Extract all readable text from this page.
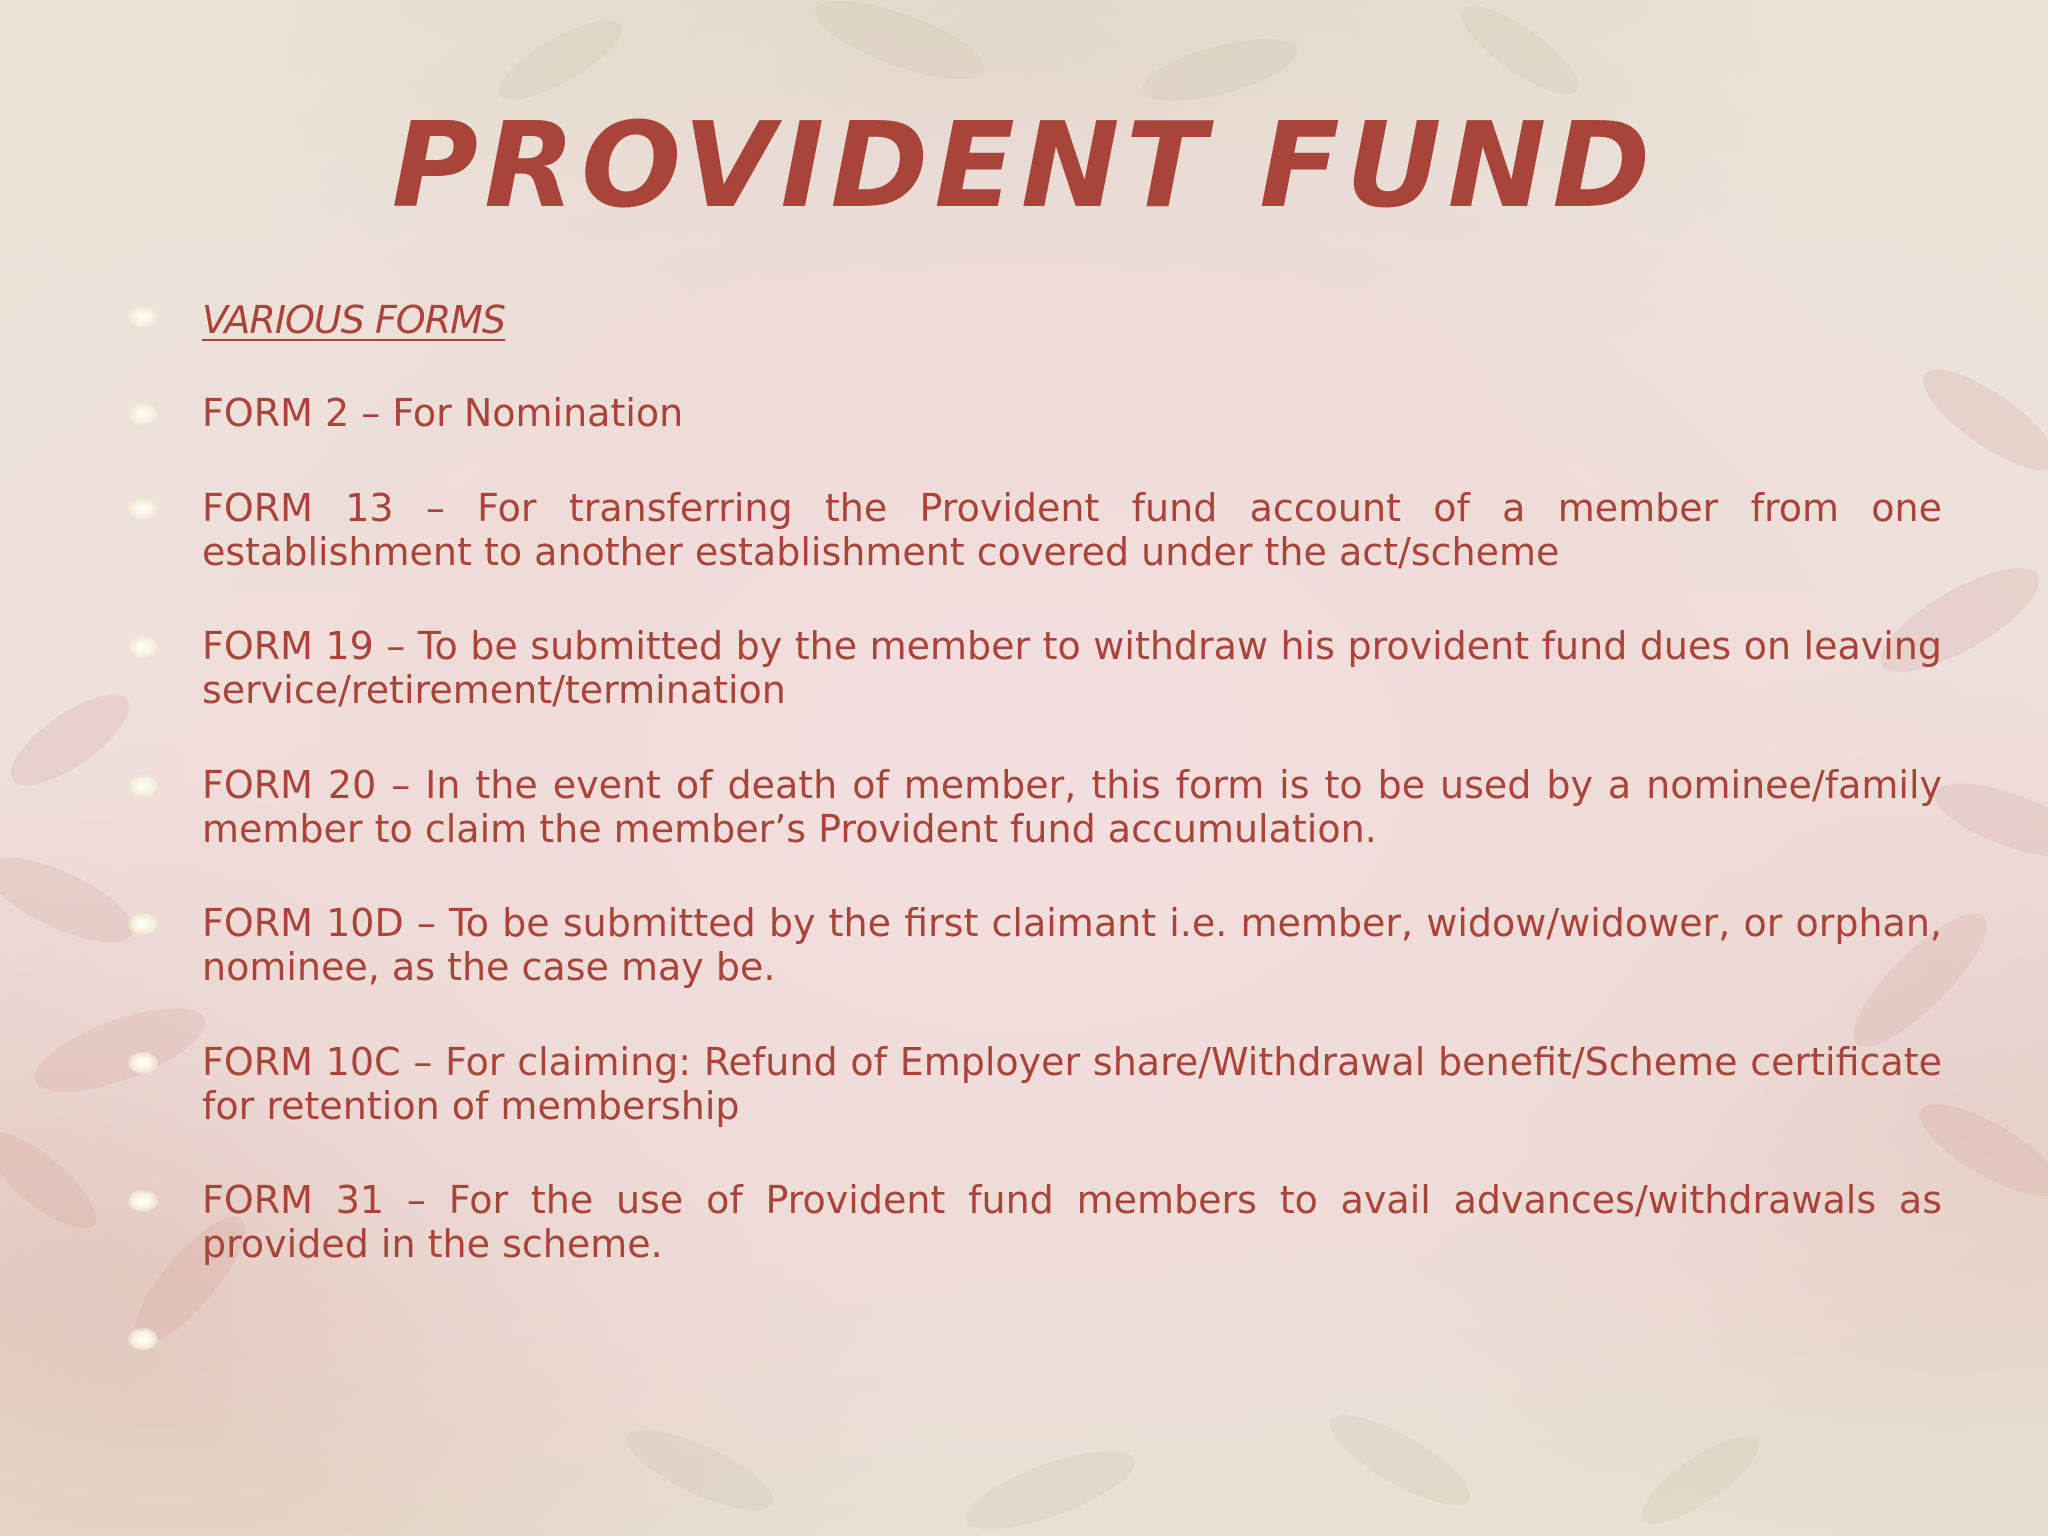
PROVIDENT FUND
VARIOUS FORMS
FORM 2 – For Nomination
FORM 13 – For transferring the Provident fund account of a member from one establishment to another establishment covered under the act/scheme
FORM 19 – To be submitted by the member to withdraw his provident fund dues on leaving service/retirement/termination
FORM 20 – In the event of death of member, this form is to be used by a nominee/family member to claim the member’s Provident fund accumulation.
FORM 10D – To be submitted by the first claimant i.e. member, widow/widower, or orphan, nominee, as the case may be.
FORM 10C – For claiming: Refund of Employer share/Withdrawal benefit/Scheme certificate for retention of membership
FORM 31 – For the use of Provident fund members to avail advances/withdrawals as provided in the scheme.
